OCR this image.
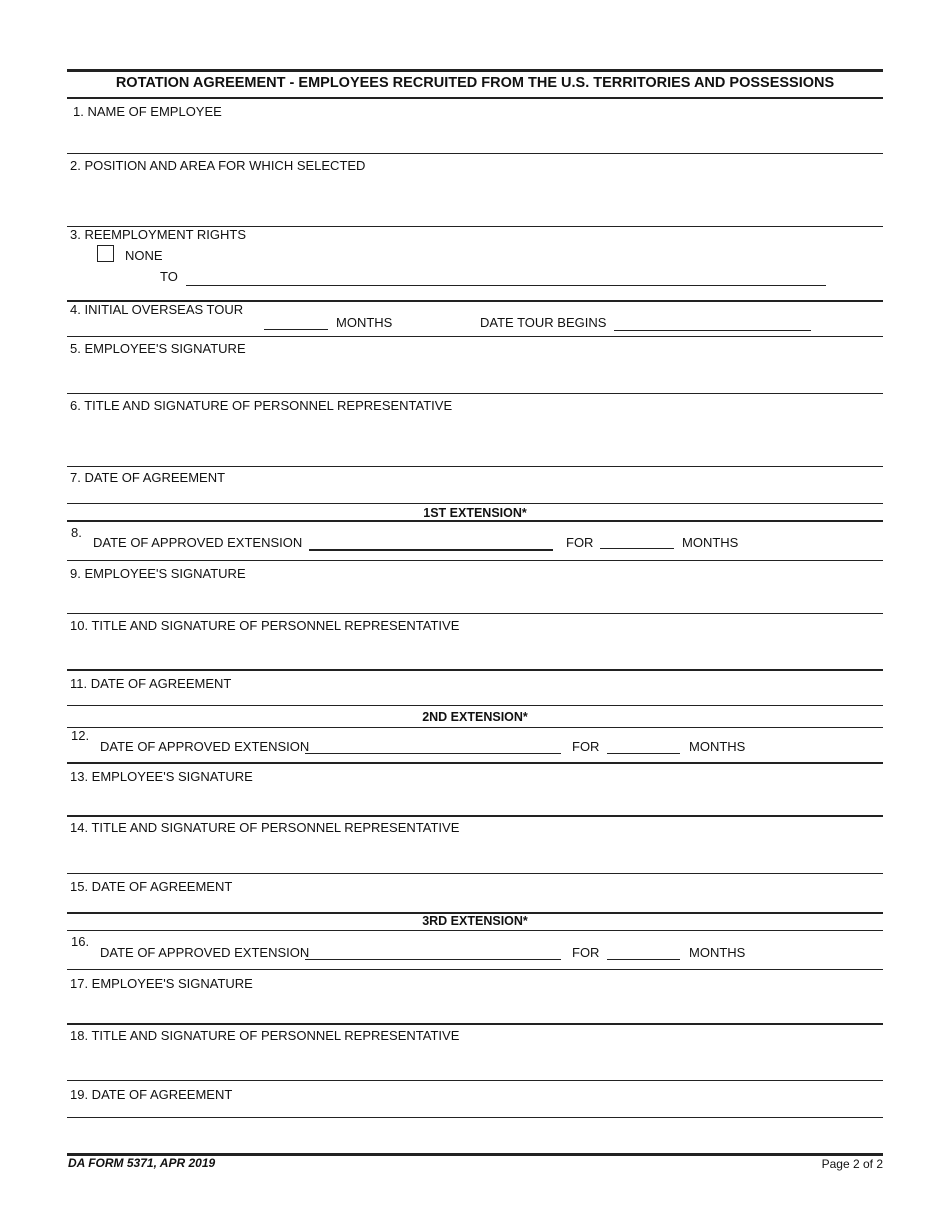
ROTATION AGREEMENT - EMPLOYEES RECRUITED FROM THE U.S. TERRITORIES AND POSSESSIONS
1. NAME OF EMPLOYEE
2. POSITION AND AREA FOR WHICH SELECTED
3. REEMPLOYMENT RIGHTS
NONE
TO
4. INITIAL OVERSEAS TOUR
MONTHS	DATE TOUR BEGINS
5. EMPLOYEE'S SIGNATURE
6. TITLE AND SIGNATURE OF PERSONNEL REPRESENTATIVE
7. DATE OF AGREEMENT
1ST EXTENSION*
8.
DATE OF APPROVED EXTENSION	FOR	MONTHS
9. EMPLOYEE'S SIGNATURE
10. TITLE AND SIGNATURE OF PERSONNEL REPRESENTATIVE
11. DATE OF AGREEMENT
2ND EXTENSION*
12.
DATE OF APPROVED EXTENSION	FOR	MONTHS
13. EMPLOYEE'S SIGNATURE
14. TITLE AND SIGNATURE OF PERSONNEL REPRESENTATIVE
15. DATE OF AGREEMENT
3RD EXTENSION*
16.
DATE OF APPROVED EXTENSION	FOR	MONTHS
17. EMPLOYEE'S SIGNATURE
18. TITLE AND SIGNATURE OF PERSONNEL REPRESENTATIVE
19. DATE OF AGREEMENT
DA FORM 5371, APR 2019	Page 2 of 2
